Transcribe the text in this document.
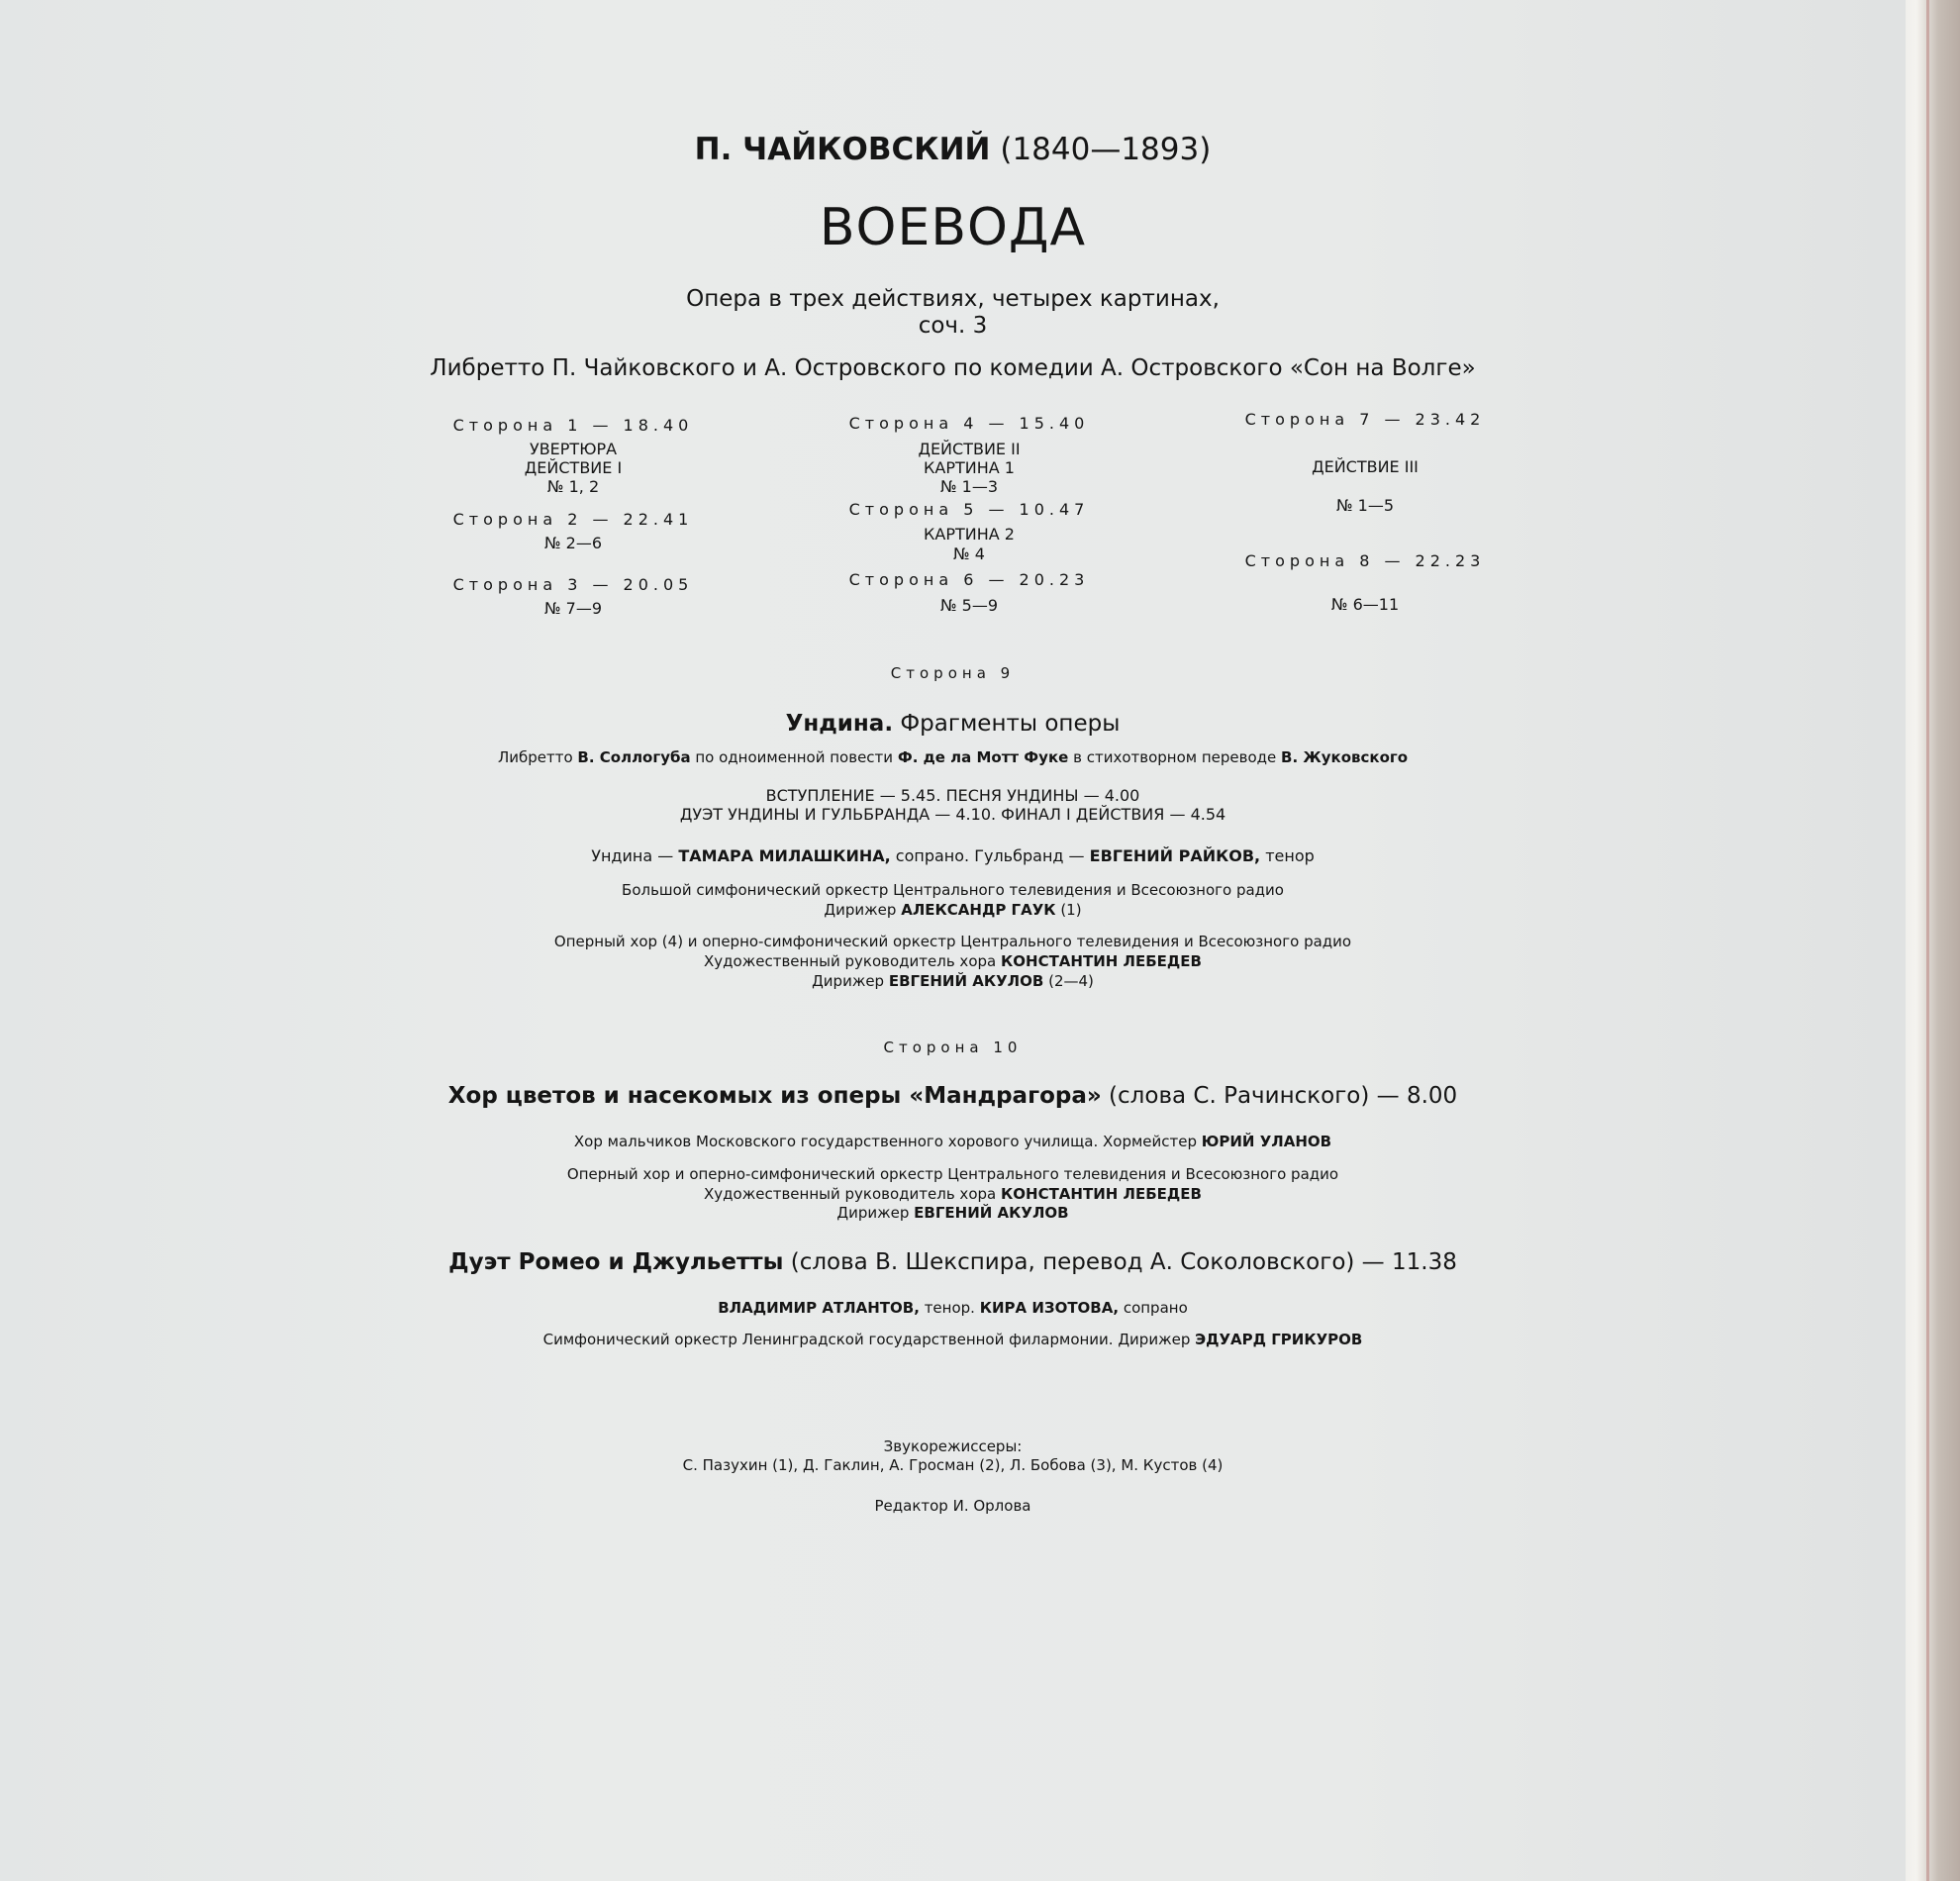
П. ЧАЙКОВСКИЙ (1840—1893)

ВОЕВОДА

Опера в трех действиях, четырех картинах,

соч. 3

Либретто П. Чайковского и А. Островского по комедии А. Островского «Сон на Волге»

Сторона 1 — 18.40
УВЕРТЮРА
ДЕЙСТВИЕ I
№ 1, 2
Сторона 2 — 22.41
№ 2—6
Сторона 3 — 20.05
№ 7—9
Сторона 4 — 15.40
ДЕЙСТВИЕ II
КАРТИНА 1
№ 1—3
Сторона 5 — 10.47
КАРТИНА 2
№ 4
Сторона 6 — 20.23
№ 5—9
Сторона 7 — 23.42
ДЕЙСТВИЕ III
№ 1—5
Сторона 8 — 22.23
№ 6—11

Сторона 9

Ундина. Фрагменты оперы

Либретто В. Соллогуба по одноименной повести Ф. де ла Мотт Фуке в стихотворном переводе В. Жуковского

ВСТУПЛЕНИЕ — 5.45. ПЕСНЯ УНДИНЫ — 4.00

ДУЭТ УНДИНЫ И ГУЛЬБРАНДА — 4.10. ФИНАЛ I ДЕЙСТВИЯ — 4.54

Ундина — ТАМАРА МИЛАШКИНА, сопрано. Гульбранд — ЕВГЕНИЙ РАЙКОВ, тенор

Большой симфонический оркестр Центрального телевидения и Всесоюзного радио

Дирижер АЛЕКСАНДР ГАУК (1)

Оперный хор (4) и оперно-симфонический оркестр Центрального телевидения и Всесоюзного радио

Художественный руководитель хора КОНСТАНТИН ЛЕБЕДЕВ

Дирижер ЕВГЕНИЙ АКУЛОВ (2—4)

Сторона 10

Хор цветов и насекомых из оперы «Мандрагора» (слова С. Рачинского) — 8.00

Хор мальчиков Московского государственного хорового училища. Хормейстер ЮРИЙ УЛАНОВ

Оперный хор и оперно-симфонический оркестр Центрального телевидения и Всесоюзного радио

Художественный руководитель хора КОНСТАНТИН ЛЕБЕДЕВ

Дирижер ЕВГЕНИЙ АКУЛОВ

Дуэт Ромео и Джульетты (слова В. Шекспира, перевод А. Соколовского) — 11.38

ВЛАДИМИР АТЛАНТОВ, тенор. КИРА ИЗОТОВА, сопрано

Симфонический оркестр Ленинградской государственной филармонии. Дирижер ЭДУАРД ГРИКУРОВ

Звукорежиссеры:

С. Пазухин (1), Д. Гаклин, А. Гросман (2), Л. Бобова (3), М. Кустов (4)

Редактор И. Орлова
